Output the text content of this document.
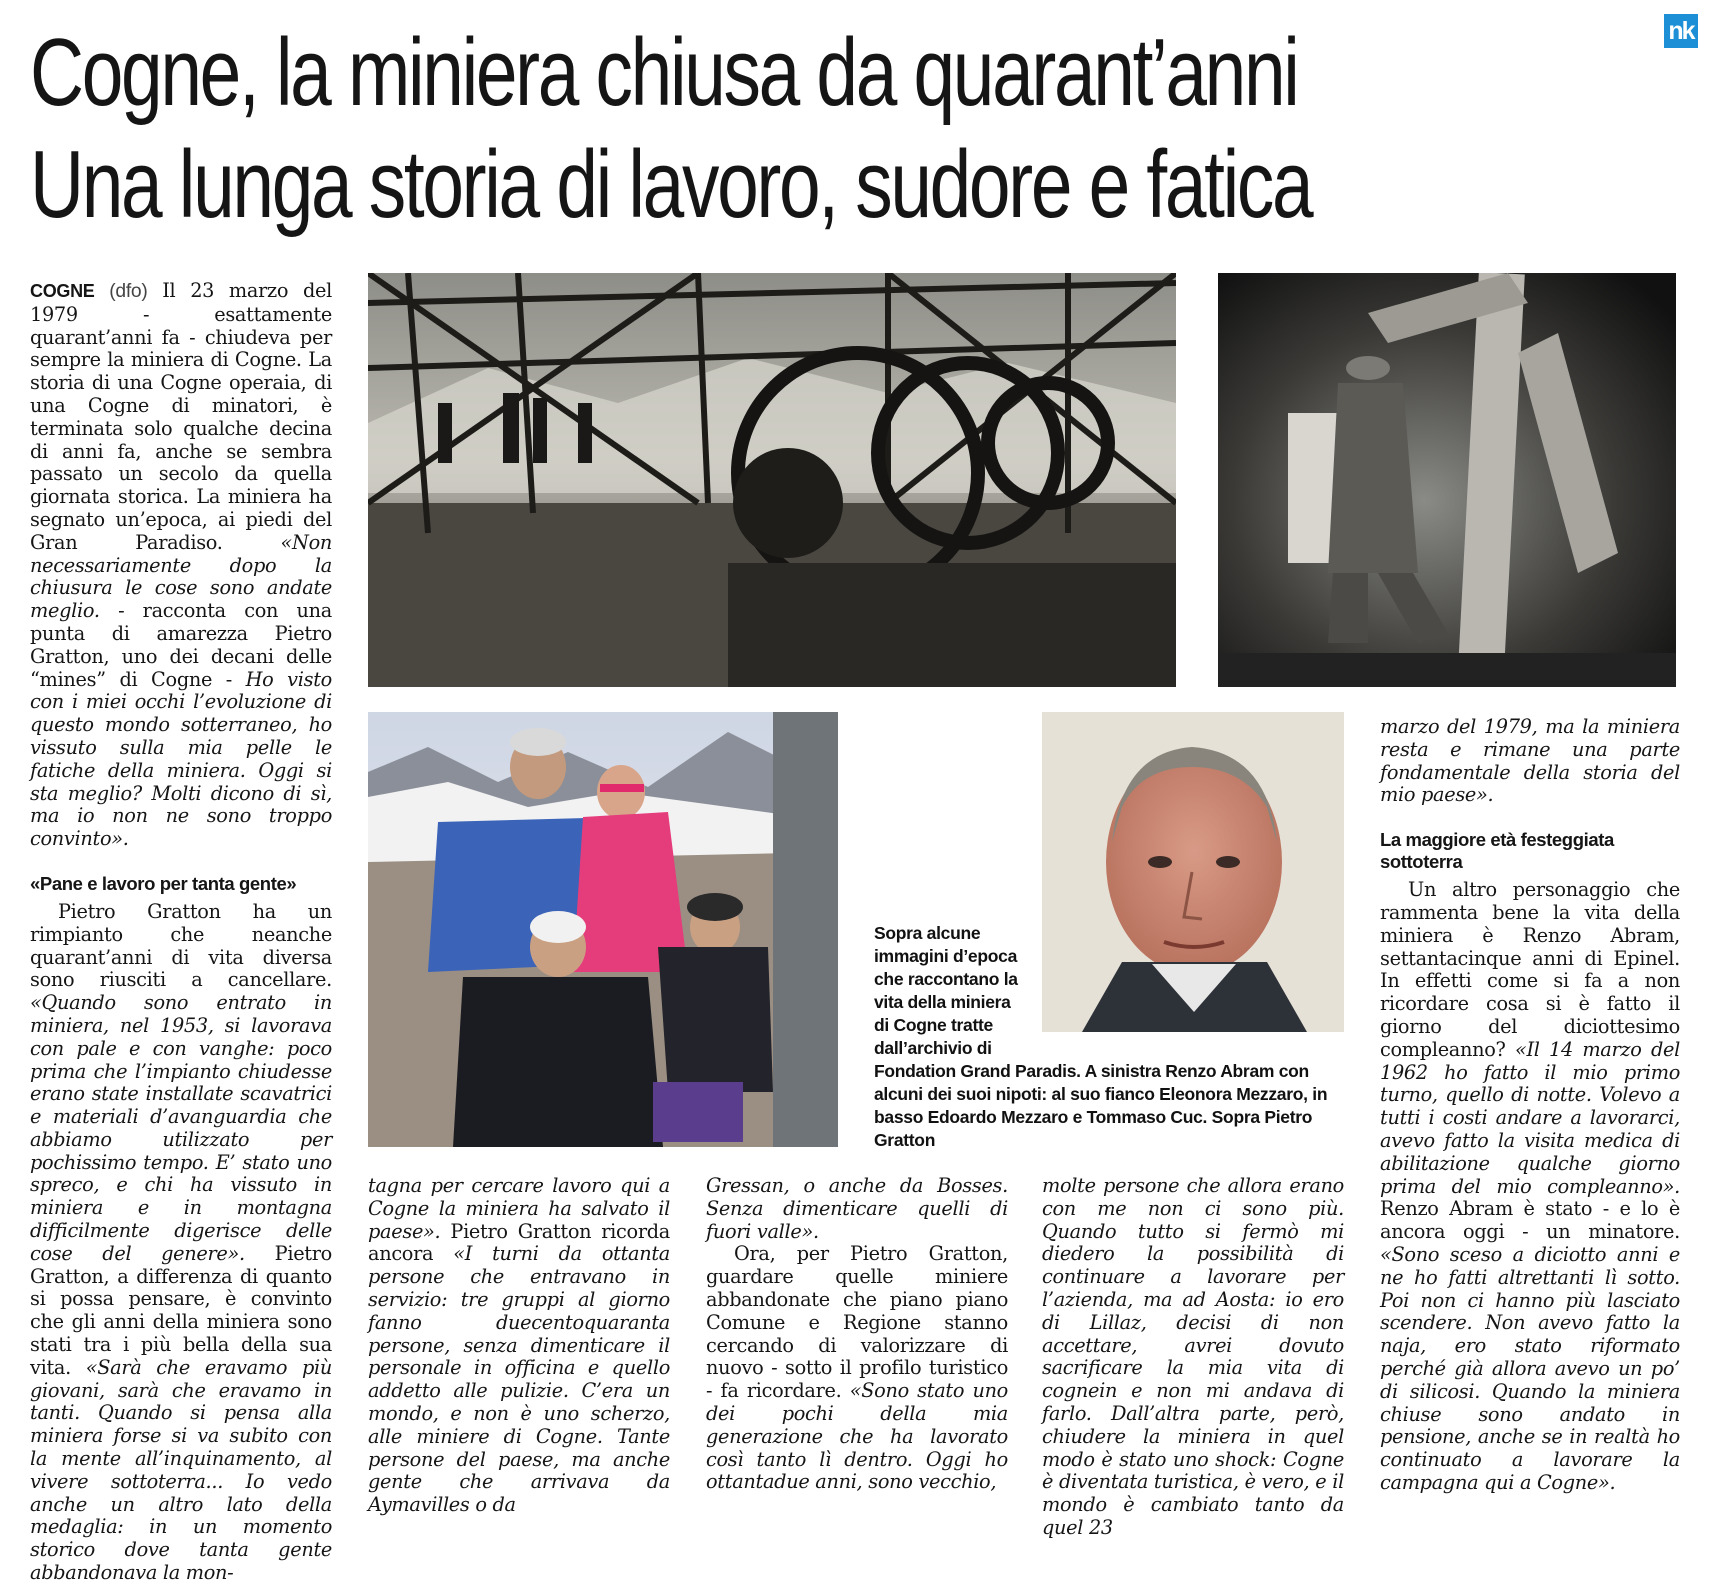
nk
Cogne, la miniera chiusa da quarant’anni
Una lunga storia di lavoro, sudore e fatica

COGNE (dfo) Il 23 marzo del 1979 - esattamente quarant’anni fa - chiudeva per sempre la miniera di Cogne. La storia di una Cogne operaia, di una Cogne di minatori, è terminata solo qualche decina di anni fa, anche se sembra passato un secolo da quella giornata storica. La miniera ha segnato un’epoca, ai piedi del Gran Paradiso.	«Non necessariamente dopo la chiusura le cose sono andate meglio. - racconta con una punta di amarezza Pietro Gratton, uno dei decani delle “mines” di Cogne - Ho visto con i miei occhi l’evoluzione di questo mondo sotterraneo, ho vissuto sulla mia pelle le fatiche della miniera. Oggi si sta meglio? Molti dicono di sì, ma io non ne sono troppo convinto».

«Pane e lavoro per tanta gente»

Pietro Gratton ha un rimpianto che neanche quarant’anni di vita diversa sono riusciti a cancellare. «Quando sono entrato in miniera, nel 1953, si lavorava con pale e con vanghe: poco prima che l’impianto chiudesse erano state installate scavatrici e materiali d’avanguardia che abbiamo utilizzato per pochissimo tempo. E’ stato uno spreco, e chi ha vissuto in miniera e in montagna difficilmente digerisce delle cose del genere». Pietro Gratton, a differenza di quanto si possa pensare, è convinto che gli anni della miniera sono stati tra i più bella della sua vita. «Sarà che eravamo più giovani, sarà che eravamo in tanti. Quando si pensa alla miniera forse si va subito con la mente all’inquinamento, al vivere sottoterra... Io vedo anche un altro lato della medaglia: in un momento storico dove tanta gente abbandonava la mon-

tagna per cercare lavoro qui a Cogne la miniera ha salvato il paese». Pietro Gratton ricorda ancora «I turni da ottanta persone che entravano in servizio: tre gruppi al giorno fanno duecentoquaranta persone, senza dimenticare il personale in officina e quello addetto alle pulizie. C’era un mondo, e non è uno scherzo, alle miniere di Cogne. Tante persone del paese, ma anche gente che arrivava da Aymavilles o da

Gressan, o anche da Bosses. Senza dimenticare quelli di fuori valle».

Ora, per Pietro Gratton, guardare quelle miniere abbandonate che piano piano Comune e Regione stanno cercando di valorizzare di nuovo - sotto il profilo turistico - fa ricordare. «Sono stato uno dei pochi della mia generazione che ha lavorato così tanto lì dentro. Oggi ho ottantadue anni, sono vecchio,

molte persone che allora erano con me non ci sono più. Quando tutto si fermò mi diedero la possibilità di continuare a lavorare per l’azienda, ma ad Aosta: io ero di Lillaz, decisi di non accettare, avrei dovuto sacrificare la mia vita di cognein e non mi andava di farlo. Dall’altra parte, però, chiudere la miniera in quel modo è stato uno shock: Cogne è diventata turistica, è vero, e il mondo è cambiato tanto da quel 23

Sopra alcune immagini d’epoca che raccontano la vita della miniera di Cogne tratte dall’archivio di
Fondation Grand Paradis. A sinistra Renzo Abram con alcuni dei suoi nipoti: al suo fianco Eleonora Mezzaro, in basso Edoardo Mezzaro e Tommaso Cuc. Sopra Pietro Gratton

marzo del 1979, ma la miniera resta e rimane una parte fondamentale della storia del mio paese».

La maggiore età festeggiata sottoterra

Un altro personaggio che rammenta bene la vita della miniera è Renzo Abram, settantacinque anni di Epinel. In effetti come si fa a non ricordare cosa si è fatto il giorno del diciottesimo compleanno? «Il 14 marzo del 1962 ho fatto il mio primo turno, quello di notte. Volevo a tutti i costi andare a lavorarci, avevo fatto la visita medica di abilitazione qualche giorno prima del mio compleanno». Renzo Abram è stato - e lo è ancora oggi - un minatore. «Sono sceso a diciotto anni e ne ho fatti altrettanti lì sotto. Poi non ci hanno più lasciato scendere. Non avevo fatto la naja, ero stato riformato perché già allora avevo un po’ di silicosi. Quando la miniera chiuse sono andato in pensione, anche se in realtà ho continuato a lavorare la campagna qui a Cogne».
